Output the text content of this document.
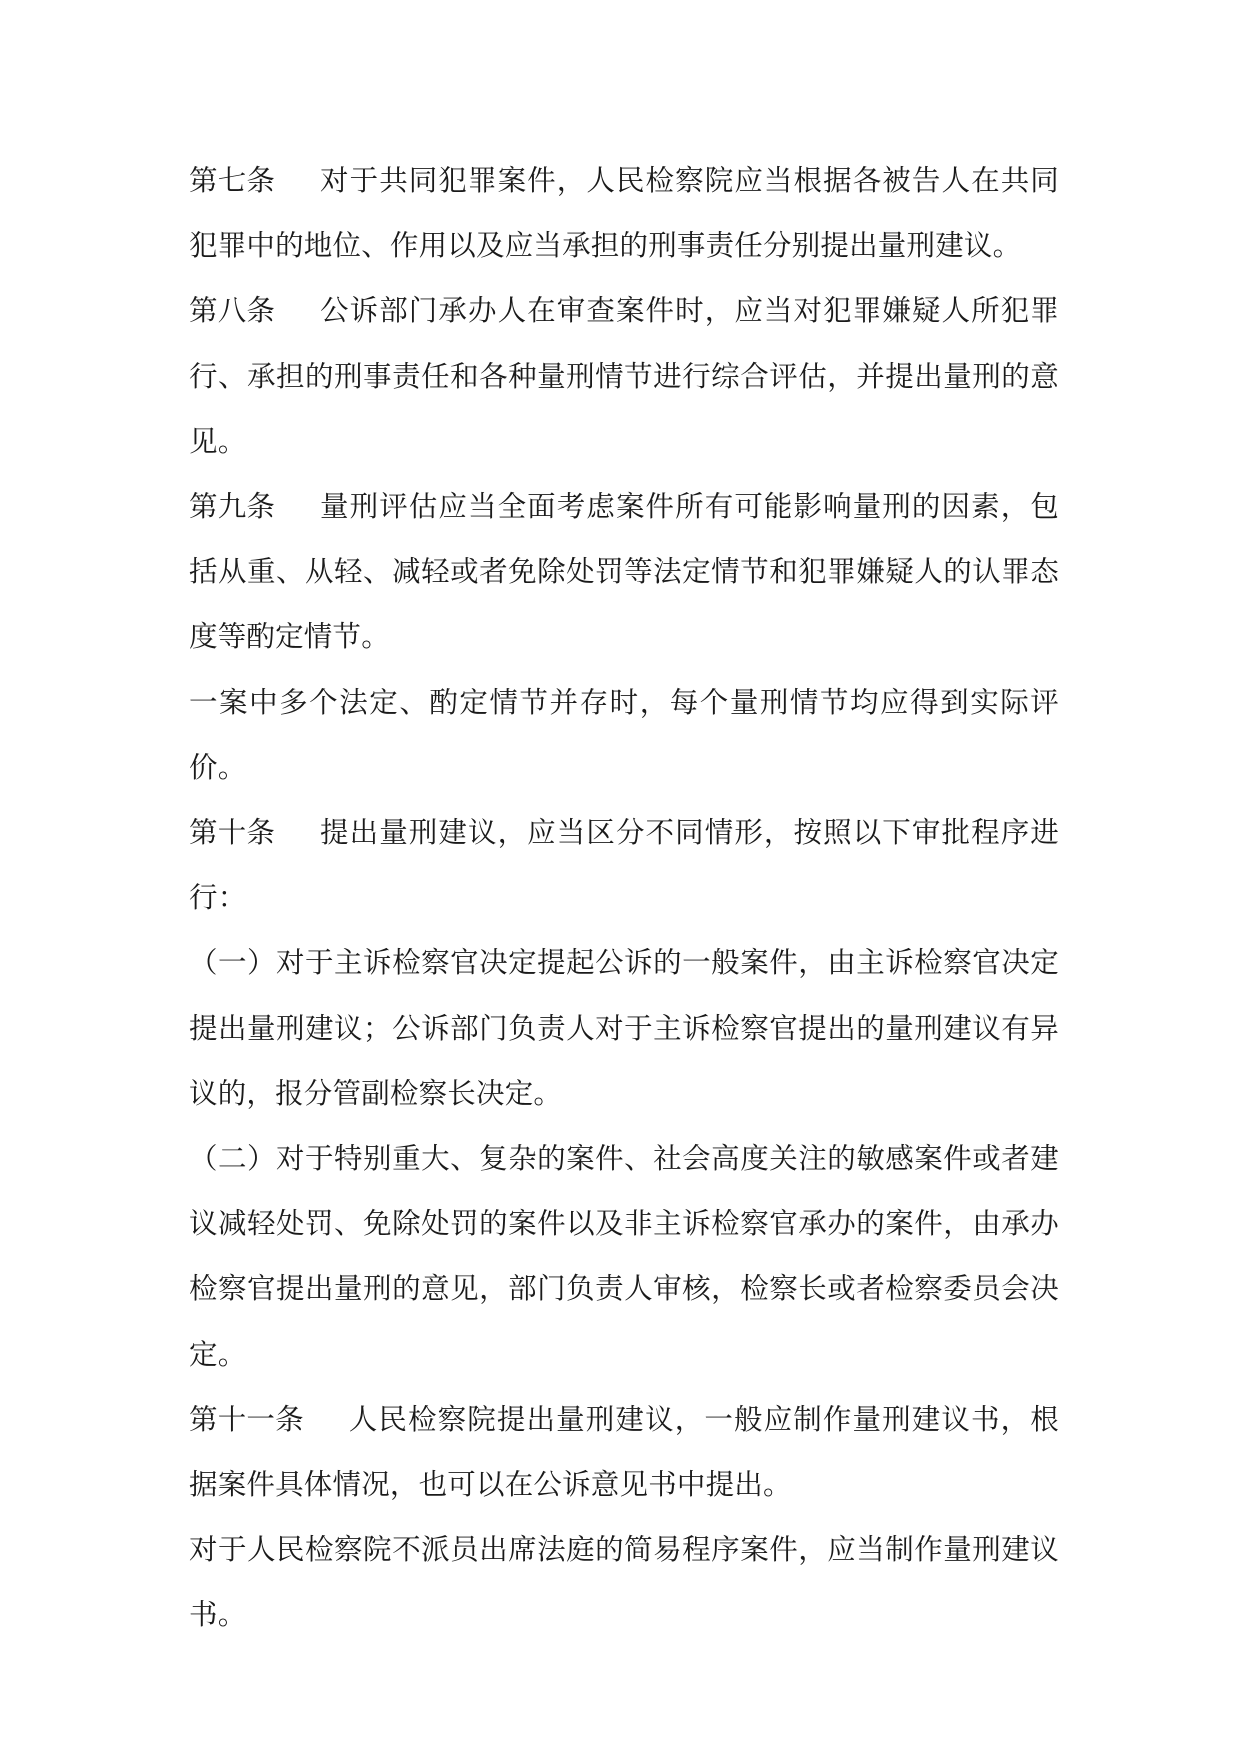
第七条 对于共同犯罪案件，人民检察院应当根据各被告人在共同犯罪中的地位、作用以及应当承担的刑事责任分别提出量刑建议。

第八条 公诉部门承办人在审查案件时，应当对犯罪嫌疑人所犯罪行、承担的刑事责任和各种量刑情节进行综合评估，并提出量刑的意见。

第九条 量刑评估应当全面考虑案件所有可能影响量刑的因素，包括从重、从轻、减轻或者免除处罚等法定情节和犯罪嫌疑人的认罪态度等酌定情节。

一案中多个法定、酌定情节并存时，每个量刑情节均应得到实际评价。

第十条 提出量刑建议，应当区分不同情形，按照以下审批程序进行：

（一）对于主诉检察官决定提起公诉的一般案件，由主诉检察官决定提出量刑建议；公诉部门负责人对于主诉检察官提出的量刑建议有异议的，报分管副检察长决定。

（二）对于特别重大、复杂的案件、社会高度关注的敏感案件或者建议减轻处罚、免除处罚的案件以及非主诉检察官承办的案件，由承办检察官提出量刑的意见，部门负责人审核，检察长或者检察委员会决定。

第十一条 人民检察院提出量刑建议，一般应制作量刑建议书，根据案件具体情况，也可以在公诉意见书中提出。

对于人民检察院不派员出席法庭的简易程序案件，应当制作量刑建议书。
